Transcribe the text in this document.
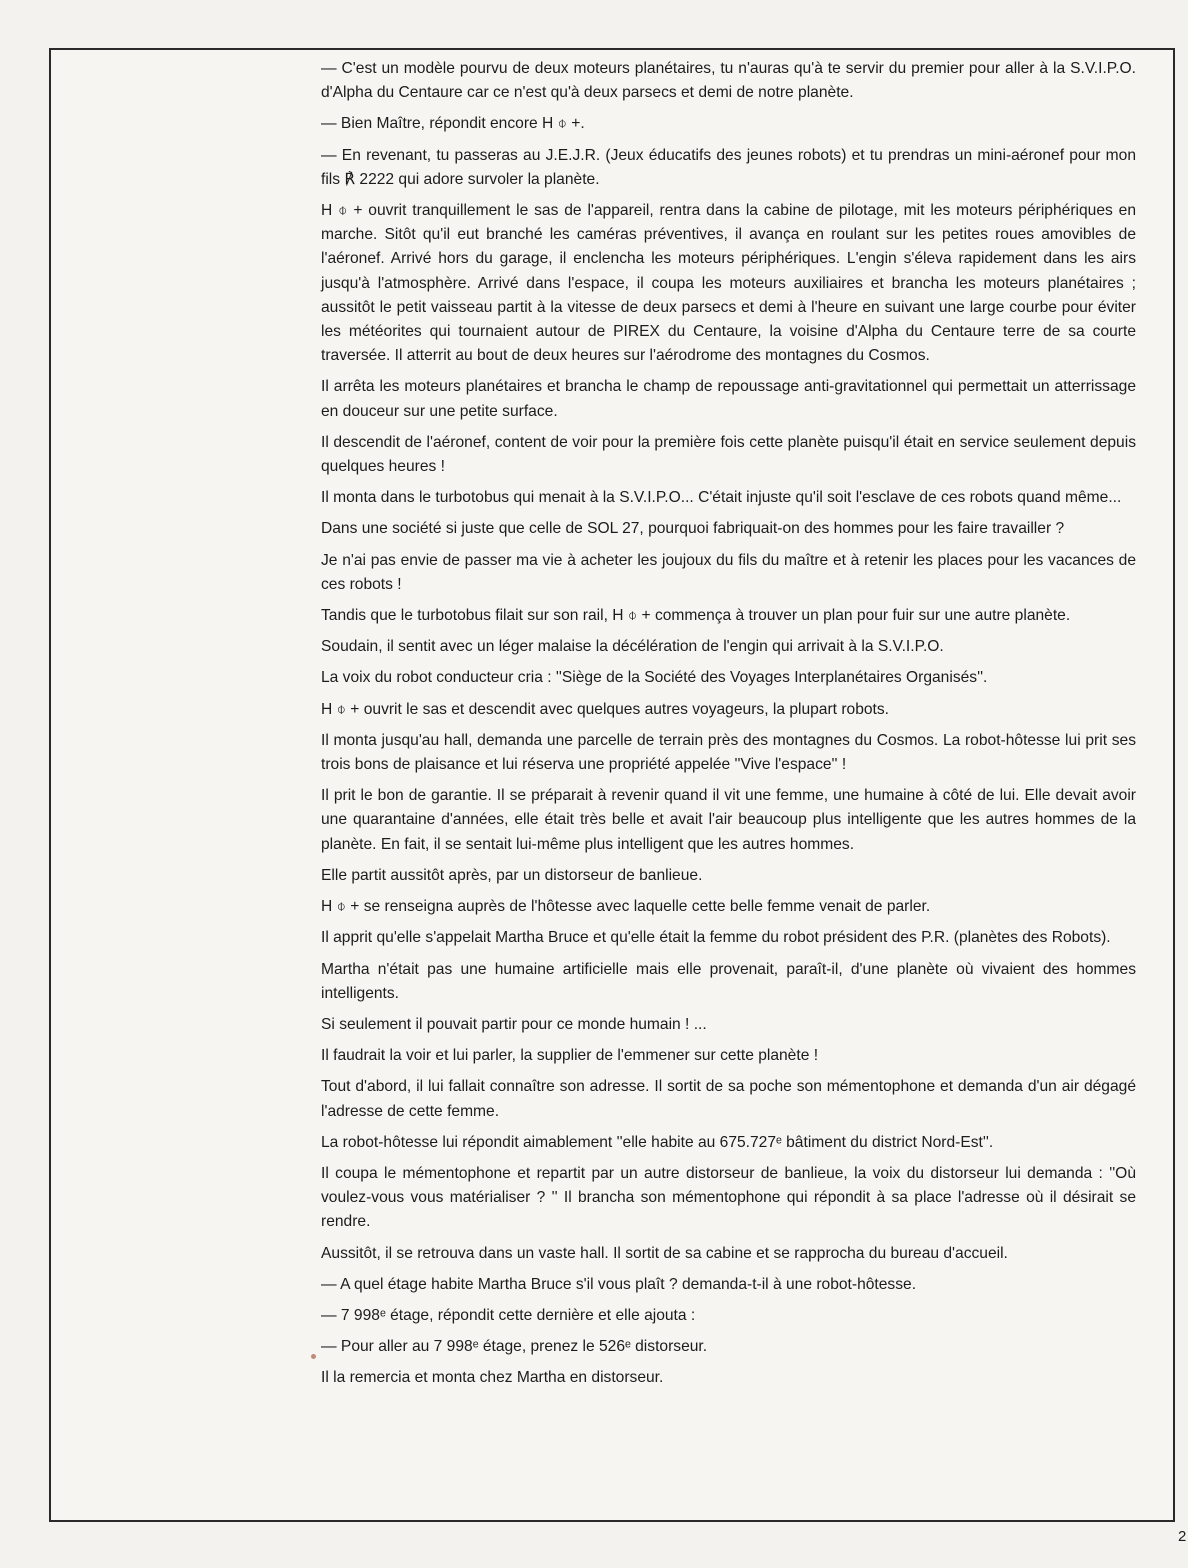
— C'est un modèle pourvu de deux moteurs planétaires, tu n'auras qu'à te servir du premier pour aller à la S.V.I.P.O. d'Alpha du Centaure car ce n'est qu'à deux parsecs et demi de notre planète.

— Bien Maître, répondit encore H ⌽ +.

— En revenant, tu passeras au J.E.J.R. (Jeux éducatifs des jeunes robots) et tu prendras un mini-aéronef pour mon fils ℟ 2222 qui adore survoler la planète.

H ⌽ + ouvrit tranquillement le sas de l'appareil, rentra dans la cabine de pilotage, mit les moteurs périphériques en marche. Sitôt qu'il eut branché les caméras préventives, il avança en roulant sur les petites roues amovibles de l'aéronef. Arrivé hors du garage, il enclencha les moteurs périphériques. L'engin s'éleva rapidement dans les airs jusqu'à l'atmosphère. Arrivé dans l'espace, il coupa les moteurs auxiliaires et brancha les moteurs planétaires ; aussitôt le petit vaisseau partit à la vitesse de deux parsecs et demi à l'heure en suivant une large courbe pour éviter les météorites qui tournaient autour de PIREX du Centaure, la voisine d'Alpha du Centaure terre de sa courte traversée. Il atterrit au bout de deux heures sur l'aérodrome des montagnes du Cosmos.

Il arrêta les moteurs planétaires et brancha le champ de repoussage anti-gravitationnel qui permettait un atterrissage en douceur sur une petite surface.

Il descendit de l'aéronef, content de voir pour la première fois cette planète puisqu'il était en service seulement depuis quelques heures !

Il monta dans le turbotobus qui menait à la S.V.I.P.O... C'était injuste qu'il soit l'esclave de ces robots quand même...

Dans une société si juste que celle de SOL 27, pourquoi fabriquait-on des hommes pour les faire travailler ?

Je n'ai pas envie de passer ma vie à acheter les joujoux du fils du maître et à retenir les places pour les vacances de ces robots !

Tandis que le turbotobus filait sur son rail, H ⌽ + commença à trouver un plan pour fuir sur une autre planète.

Soudain, il sentit avec un léger malaise la décélération de l'engin qui arrivait à la S.V.I.P.O.

La voix du robot conducteur cria : ''Siège de la Société des Voyages Interplanétaires Organisés''.

H ⌽ + ouvrit le sas et descendit avec quelques autres voyageurs, la plupart robots.

Il monta jusqu'au hall, demanda une parcelle de terrain près des montagnes du Cosmos. La robot-hôtesse lui prit ses trois bons de plaisance et lui réserva une propriété appelée ''Vive l'espace'' !

Il prit le bon de garantie. Il se préparait à revenir quand il vit une femme, une humaine à côté de lui. Elle devait avoir une quarantaine d'années, elle était très belle et avait l'air beaucoup plus intelligente que les autres hommes de la planète. En fait, il se sentait lui-même plus intelligent que les autres hommes.

Elle partit aussitôt après, par un distorseur de banlieue.

H ⌽ + se renseigna auprès de l'hôtesse avec laquelle cette belle femme venait de parler.

Il apprit qu'elle s'appelait Martha Bruce et qu'elle était la femme du robot président des P.R. (planètes des Robots).

Martha n'était pas une humaine artificielle mais elle provenait, paraît-il, d'une planète où vivaient des hommes intelligents.

Si seulement il pouvait partir pour ce monde humain ! ...

Il faudrait la voir et lui parler, la supplier de l'emmener sur cette planète !

Tout d'abord, il lui fallait connaître son adresse. Il sortit de sa poche son mémentophone et demanda d'un air dégagé l'adresse de cette femme.

La robot-hôtesse lui répondit aimablement ''elle habite au 675.727ᵉ bâtiment du district Nord-Est''.

Il coupa le mémentophone et repartit par un autre distorseur de banlieue, la voix du distorseur lui demanda : ''Où voulez-vous vous matérialiser ? '' Il brancha son mémentophone qui répondit à sa place l'adresse où il désirait se rendre.

Aussitôt, il se retrouva dans un vaste hall. Il sortit de sa cabine et se rapprocha du bureau d'accueil.

— A quel étage habite Martha Bruce s'il vous plaît ? demanda-t-il à une robot-hôtesse.

— 7 998ᵉ étage, répondit cette dernière et elle ajouta :

— Pour aller au 7 998ᵉ étage, prenez le 526ᵉ distorseur.

Il la remercia et monta chez Martha en distorseur.

2
